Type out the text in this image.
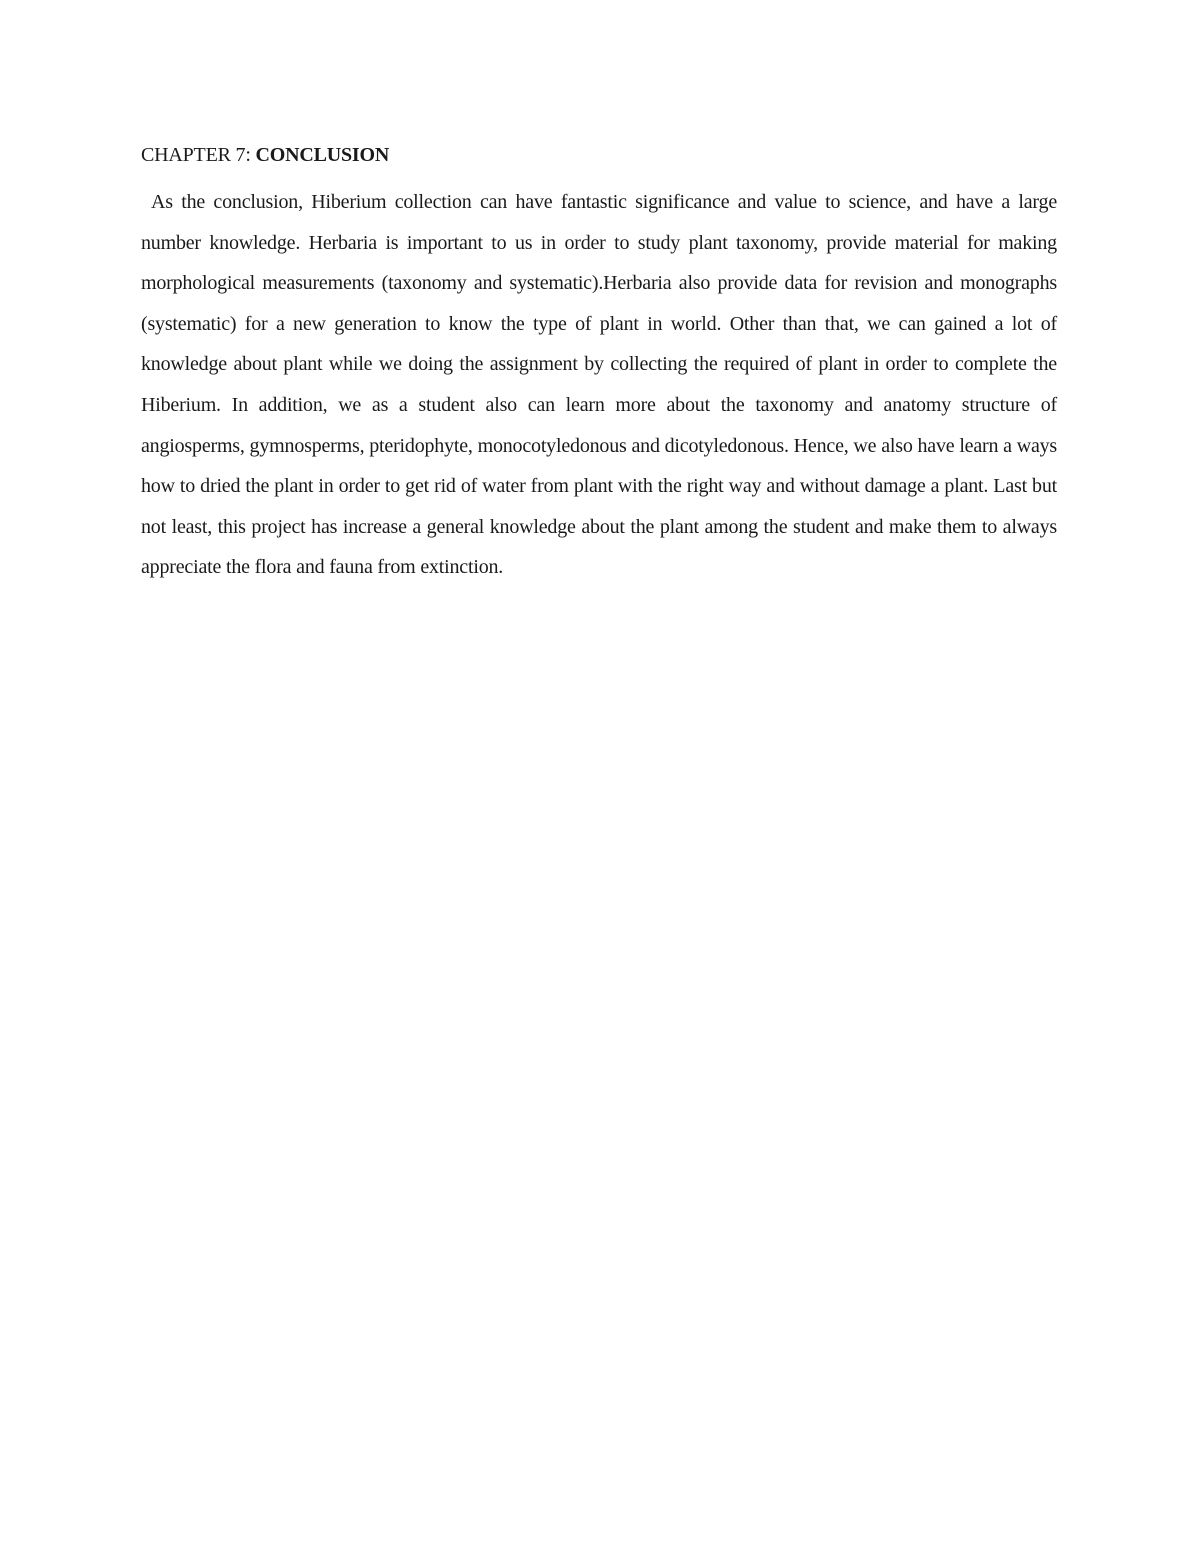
CHAPTER 7: CONCLUSION

As the conclusion, Hiberium collection can have fantastic significance and value to science, and have a large number knowledge. Herbaria is important to us in order to study plant taxonomy, provide material for making morphological measurements (taxonomy and systematic).Herbaria also provide data for revision and monographs (systematic) for a new generation to know the type of plant in world. Other than that, we can gained a lot of knowledge about plant while we doing the assignment by collecting the required of plant in order to complete the Hiberium. In addition, we as a student also can learn more about the taxonomy and anatomy structure of angiosperms, gymnosperms, pteridophyte, monocotyledonous and dicotyledonous. Hence, we also have learn a ways how to dried the plant in order to get rid of water from plant with the right way and without damage a plant. Last but not least, this project has increase a general knowledge about the plant among the student and make them to always appreciate the flora and fauna from extinction.
